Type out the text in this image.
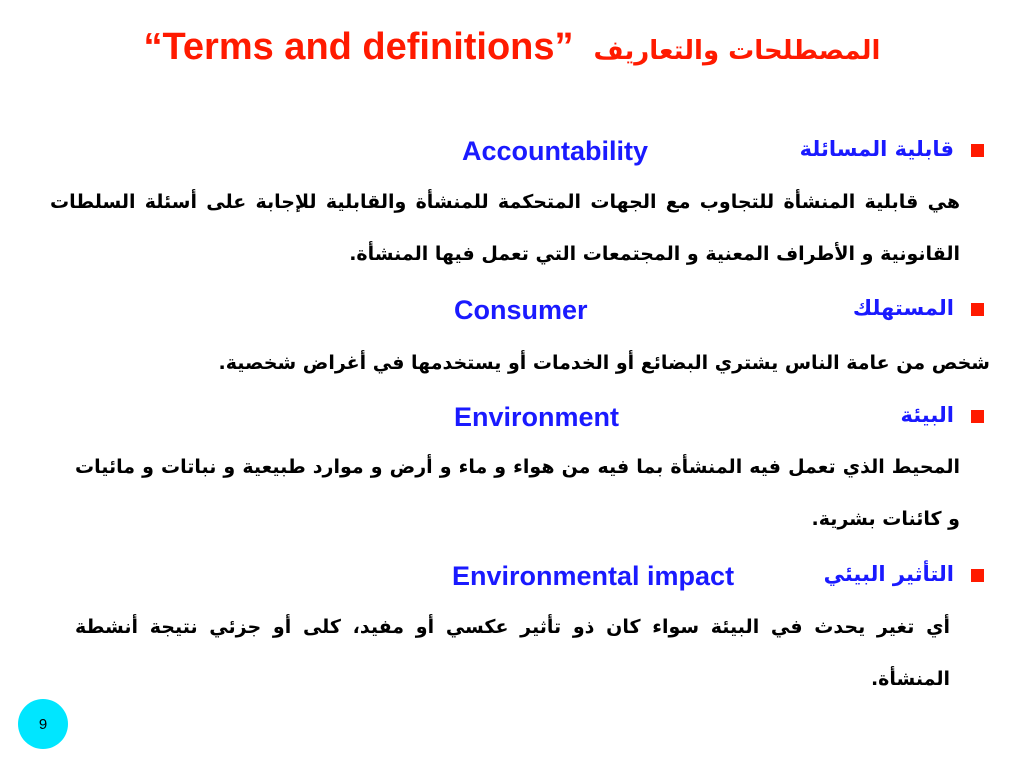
“Terms and definitions” المصطلحات والتعاريف
قابلية المسائلة
Accountability
هي قابلية المنشأة للتجاوب مع الجهات المتحكمة للمنشأة والقابلية للإجابة على أسئلة السلطات القانونية و الأطراف المعنية و المجتمعات التي تعمل فيها المنشأة.
المستهلك
Consumer
شخص من عامة الناس يشتري البضائع أو الخدمات أو يستخدمها في أغراض شخصية.
البيئة
Environment
المحيط الذي تعمل فيه المنشأة بما فيه من هواء و ماء و أرض و موارد طبيعية و نباتات و مائيات و كائنات بشرية.
التأثير البيئي
Environmental impact
أي تغير يحدث في البيئة سواء كان ذو تأثير عكسي أو مفيد، كلى أو جزئي نتيجة أنشطة المنشأة.
9
